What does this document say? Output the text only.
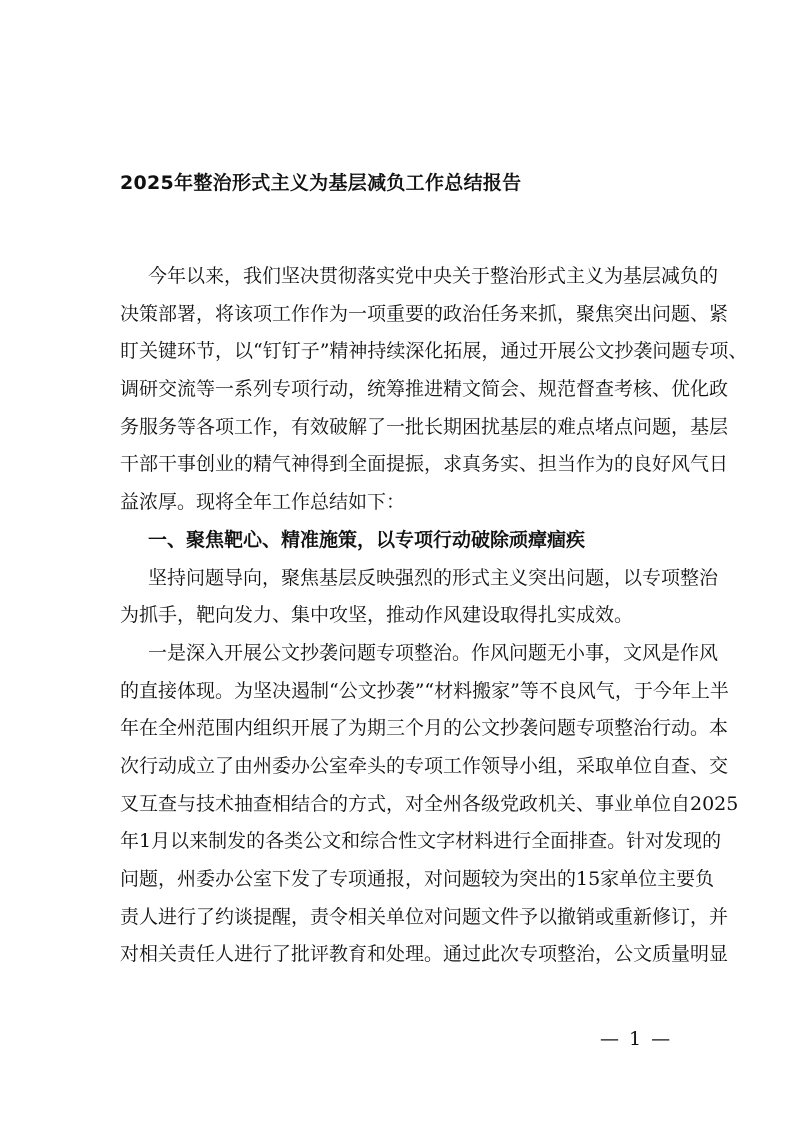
2025年整治形式主义为基层减负工作总结报告
今年以来，我们坚决贯彻落实党中央关于整治形式主义为基层减负的
决策部署，将该项工作作为一项重要的政治任务来抓，聚焦突出问题、紧
盯关键环节，以“钉钉子”精神持续深化拓展，通过开展公文抄袭问题专项、
调研交流等一系列专项行动，统筹推进精文简会、规范督查考核、优化政
务服务等各项工作，有效破解了一批长期困扰基层的难点堵点问题，基层
干部干事创业的精气神得到全面提振，求真务实、担当作为的良好风气日
益浓厚。现将全年工作总结如下：
一、聚焦靶心、精准施策，以专项行动破除顽瘴痼疾
坚持问题导向，聚焦基层反映强烈的形式主义突出问题，以专项整治
为抓手，靶向发力、集中攻坚，推动作风建设取得扎实成效。
一是深入开展公文抄袭问题专项整治。作风问题无小事，文风是作风
的直接体现。为坚决遏制“公文抄袭”“材料搬家”等不良风气，于今年上半
年在全州范围内组织开展了为期三个月的公文抄袭问题专项整治行动。本
次行动成立了由州委办公室牵头的专项工作领导小组，采取单位自查、交
叉互查与技术抽查相结合的方式，对全州各级党政机关、事业单位自2025
年1月以来制发的各类公文和综合性文字材料进行全面排查。针对发现的
问题，州委办公室下发了专项通报，对问题较为突出的15家单位主要负
责人进行了约谈提醒，责令相关单位对问题文件予以撤销或重新修订，并
对相关责任人进行了批评教育和处理。通过此次专项整治，公文质量明显
— 1 —
